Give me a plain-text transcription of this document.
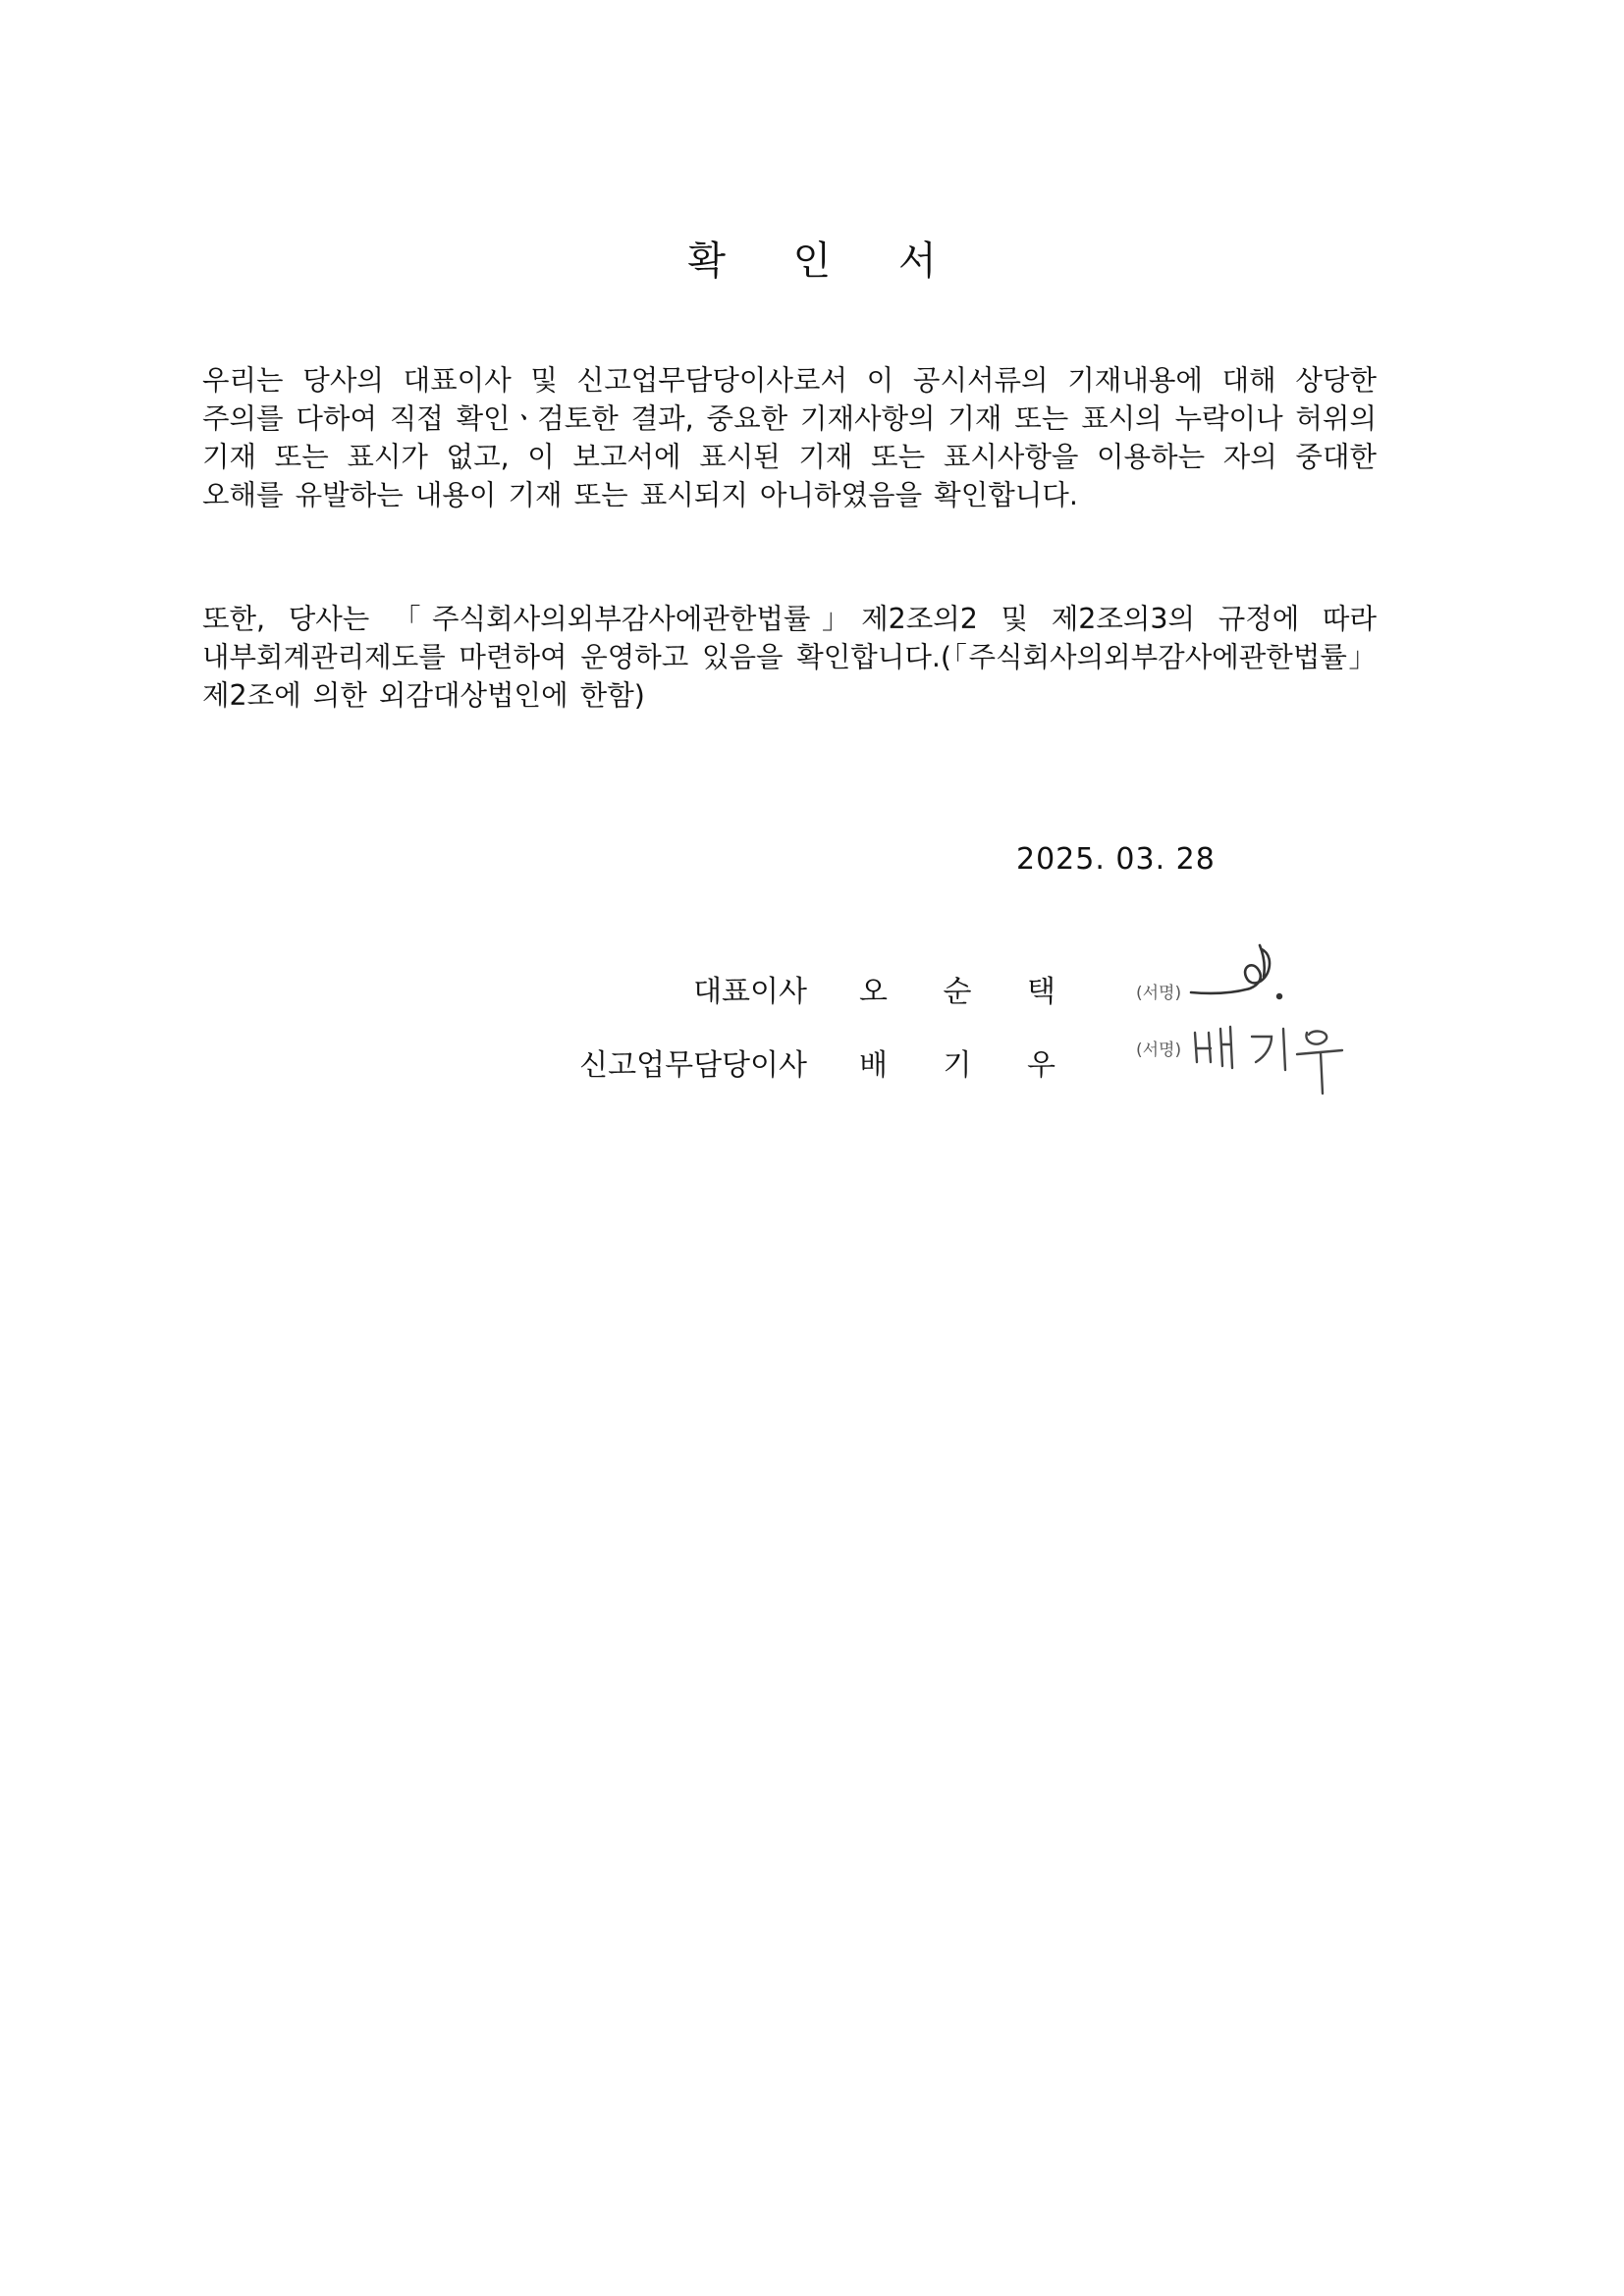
확 인 서

우리는 당사의 대표이사 및 신고업무담당이사로서 이 공시서류의 기재내용에 대해 상당한 주의를 다하여 직접 확인ㆍ검토한 결과, 중요한 기재사항의 기재 또는 표시의 누락이나 허위의 기재 또는 표시가 없고, 이 보고서에 표시된 기재 또는 표시사항을 이용하는 자의 중대한 오해를 유발하는 내용이 기재 또는 표시되지 아니하였음을 확인합니다.

또한, 당사는 「주식회사의외부감사에관한법률」제2조의2 및 제2조의3의 규정에 따라 내부회계관리제도를 마련하여 운영하고 있음을 확인합니다.(「주식회사의외부감사에관한법률」제2조에 의한 외감대상법인에 한함)

2025. 03. 28

대표이사 오 순 택	(서명)
신고업무담당이사 배 기 우	(서명)
